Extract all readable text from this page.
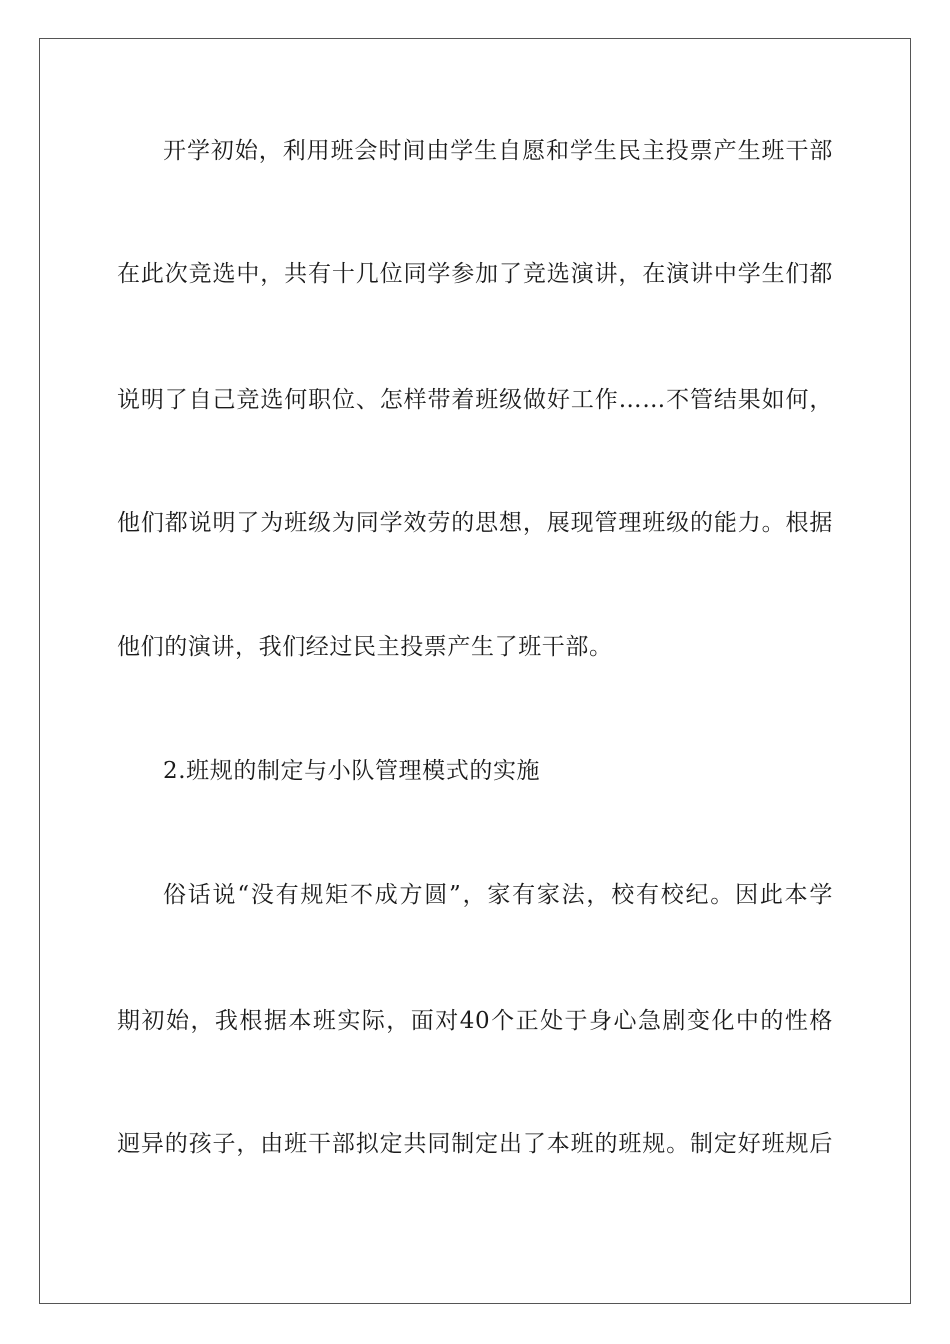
开学初始，利用班会时间由学生自愿和学生民主投票产生班干部
在此次竞选中，共有十几位同学参加了竞选演讲，在演讲中学生们都
说明了自己竞选何职位、怎样带着班级做好工作……不管结果如何，
他们都说明了为班级为同学效劳的思想，展现管理班级的能力。根据
他们的演讲，我们经过民主投票产生了班干部。
2.班规的制定与小队管理模式的实施
俗话说“没有规矩不成方圆”，家有家法，校有校纪。因此本学
期初始，我根据本班实际，面对40个正处于身心急剧变化中的性格
迥异的孩子，由班干部拟定共同制定出了本班的班规。制定好班规后
